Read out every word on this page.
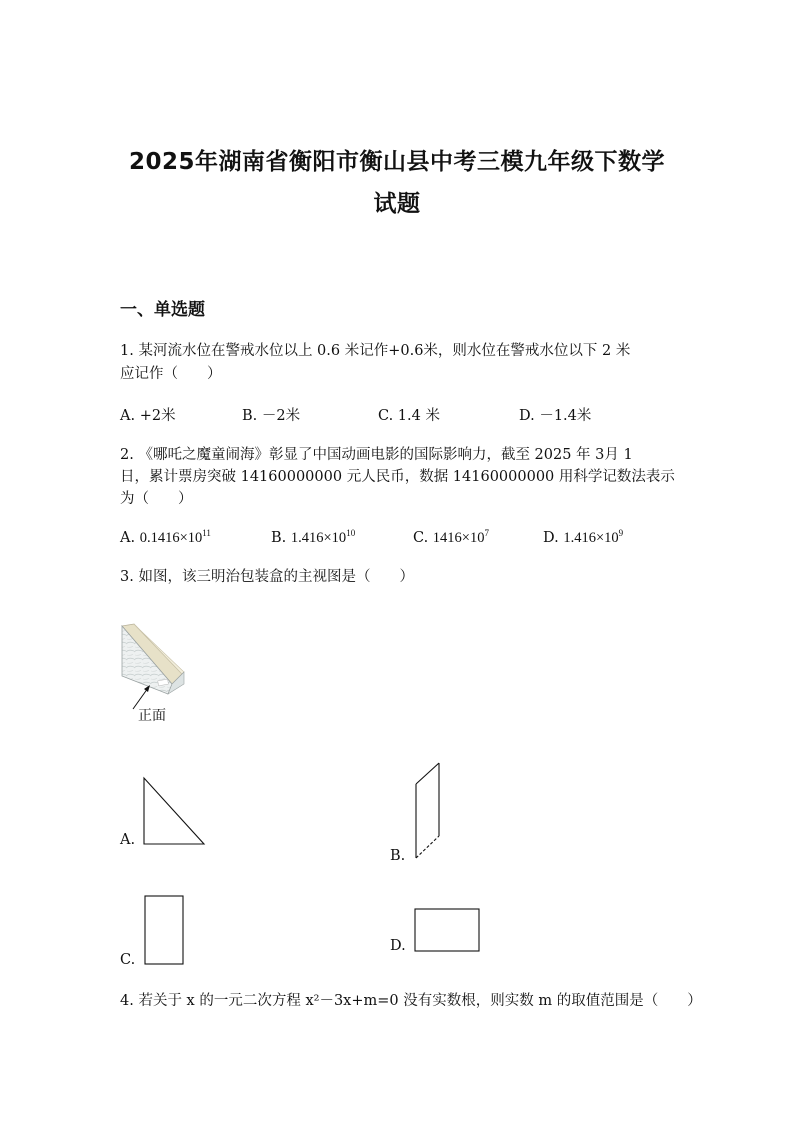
2025年湖南省衡阳市衡山县中考三模九年级下数学
试题
一、单选题
1. 某河流水位在警戒水位以上 0.6 米记作+0.6米，则水位在警戒水位以下 2 米
应记作（　　）
A. +2米	B. －2米	C. 1.4 米	D. －1.4米
2. 《哪吒之魔童闹海》彰显了中国动画电影的国际影响力，截至 2025 年 3月 1
日，累计票房突破 14160000000 元人民币，数据 14160000000 用科学记数法表示
为（　　）
A. $0.1416\times 10^{11}$	B. $1.416\times 10^{10}$	C. $1416\times 10^7$	D. $1.416\times 10^9$
3. 如图，该三明治包装盒的主视图是（　　）
正面
A.
B.
C.
D.
4. 若关于 x 的一元二次方程 x²－3x+m=0 没有实数根，则实数 m 的取值范围是（　　）
